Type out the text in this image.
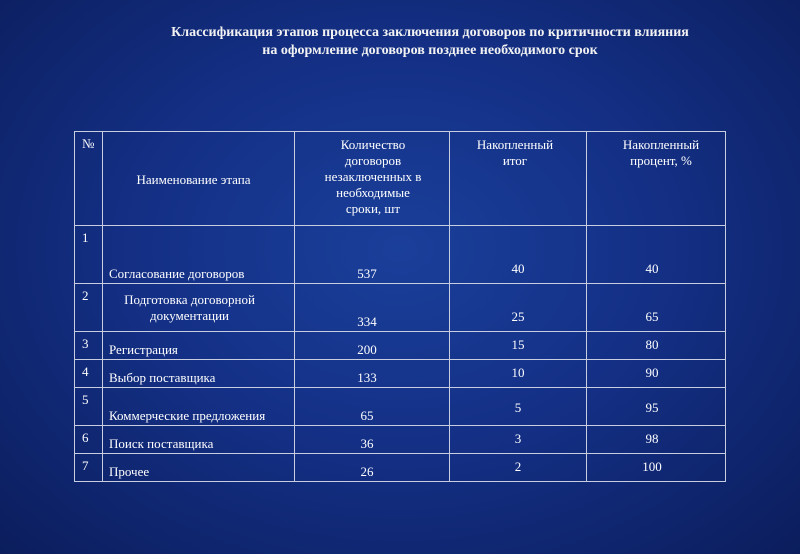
Классификация этапов процесса заключения договоров по критичности влияния
на оформление договоров позднее необходимого срок
№	Наименование этапа	Количество договоров незаключенных в необходимые сроки, шт	Накопленный итог	Накопленный процент, %

1	Согласование договоров	537	40	40

2	Подготовка договорной документации	334	25	65

3	Регистрация	200	15	80

4	Выбор поставщика	133	10	90

5	Коммерческие предложения	65	5	95

6	Поиск поставщика	36	3	98

7	Прочее	26	2	100
